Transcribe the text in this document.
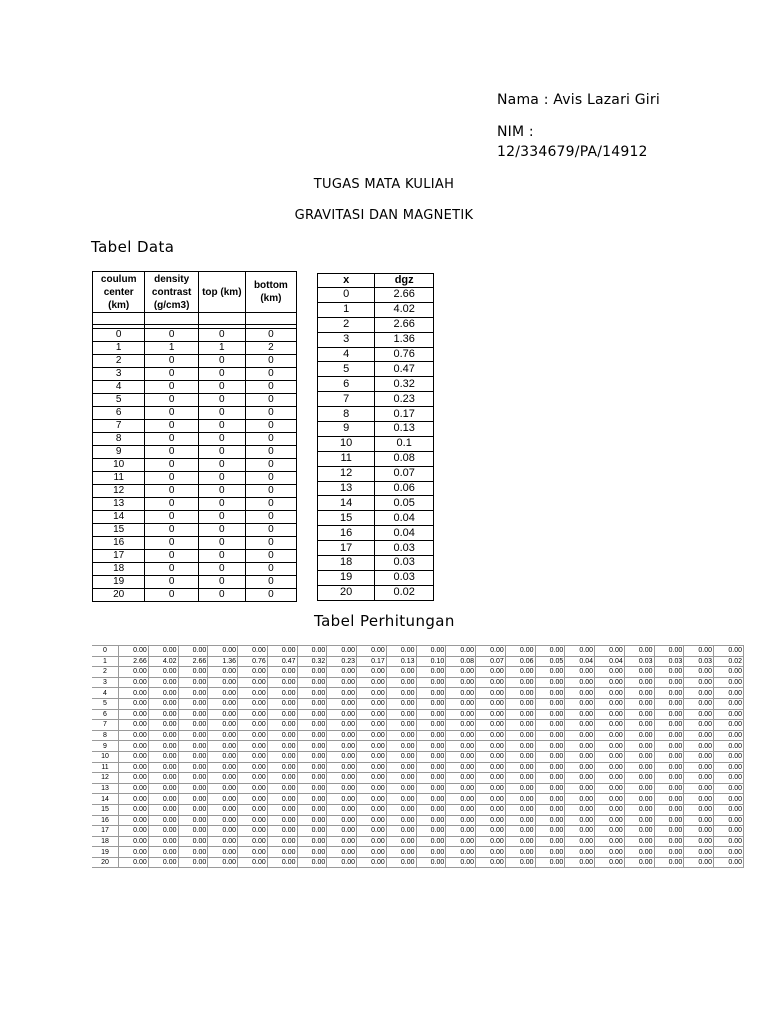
Nama : Avis Lazari Giri
NIM :
12/334679/PA/14912
TUGAS MATA KULIAH
GRAVITASI DAN MAGNETIK
Tabel Data
coulum center (km)	density contrast (g/cm3)	top (km)	bottom (km)

0	0	0	0
1	1	1	2
2	0	0	0
3	0	0	0
4	0	0	0
5	0	0	0
6	0	0	0
7	0	0	0
8	0	0	0
9	0	0	0
10	0	0	0
11	0	0	0
12	0	0	0
13	0	0	0
14	0	0	0
15	0	0	0
16	0	0	0
17	0	0	0
18	0	0	0
19	0	0	0
20	0	0	0
x	dgz
0	2.66
1	4.02
2	2.66
3	1.36
4	0.76
5	0.47
6	0.32
7	0.23
8	0.17
9	0.13
10	0.1
11	0.08
12	0.07
13	0.06
14	0.05
15	0.04
16	0.04
17	0.03
18	0.03
19	0.03
20	0.02
Tabel Perhitungan
0	0.00	0.00	0.00	0.00	0.00	0.00	0.00	0.00	0.00	0.00	0.00	0.00	0.00	0.00	0.00	0.00	0.00	0.00	0.00	0.00	0.00
1	2.66	4.02	2.66	1.36	0.76	0.47	0.32	0.23	0.17	0.13	0.10	0.08	0.07	0.06	0.05	0.04	0.04	0.03	0.03	0.03	0.02
2	0.00	0.00	0.00	0.00	0.00	0.00	0.00	0.00	0.00	0.00	0.00	0.00	0.00	0.00	0.00	0.00	0.00	0.00	0.00	0.00	0.00
3	0.00	0.00	0.00	0.00	0.00	0.00	0.00	0.00	0.00	0.00	0.00	0.00	0.00	0.00	0.00	0.00	0.00	0.00	0.00	0.00	0.00
4	0.00	0.00	0.00	0.00	0.00	0.00	0.00	0.00	0.00	0.00	0.00	0.00	0.00	0.00	0.00	0.00	0.00	0.00	0.00	0.00	0.00
5	0.00	0.00	0.00	0.00	0.00	0.00	0.00	0.00	0.00	0.00	0.00	0.00	0.00	0.00	0.00	0.00	0.00	0.00	0.00	0.00	0.00
6	0.00	0.00	0.00	0.00	0.00	0.00	0.00	0.00	0.00	0.00	0.00	0.00	0.00	0.00	0.00	0.00	0.00	0.00	0.00	0.00	0.00
7	0.00	0.00	0.00	0.00	0.00	0.00	0.00	0.00	0.00	0.00	0.00	0.00	0.00	0.00	0.00	0.00	0.00	0.00	0.00	0.00	0.00
8	0.00	0.00	0.00	0.00	0.00	0.00	0.00	0.00	0.00	0.00	0.00	0.00	0.00	0.00	0.00	0.00	0.00	0.00	0.00	0.00	0.00
9	0.00	0.00	0.00	0.00	0.00	0.00	0.00	0.00	0.00	0.00	0.00	0.00	0.00	0.00	0.00	0.00	0.00	0.00	0.00	0.00	0.00
10	0.00	0.00	0.00	0.00	0.00	0.00	0.00	0.00	0.00	0.00	0.00	0.00	0.00	0.00	0.00	0.00	0.00	0.00	0.00	0.00	0.00
11	0.00	0.00	0.00	0.00	0.00	0.00	0.00	0.00	0.00	0.00	0.00	0.00	0.00	0.00	0.00	0.00	0.00	0.00	0.00	0.00	0.00
12	0.00	0.00	0.00	0.00	0.00	0.00	0.00	0.00	0.00	0.00	0.00	0.00	0.00	0.00	0.00	0.00	0.00	0.00	0.00	0.00	0.00
13	0.00	0.00	0.00	0.00	0.00	0.00	0.00	0.00	0.00	0.00	0.00	0.00	0.00	0.00	0.00	0.00	0.00	0.00	0.00	0.00	0.00
14	0.00	0.00	0.00	0.00	0.00	0.00	0.00	0.00	0.00	0.00	0.00	0.00	0.00	0.00	0.00	0.00	0.00	0.00	0.00	0.00	0.00
15	0.00	0.00	0.00	0.00	0.00	0.00	0.00	0.00	0.00	0.00	0.00	0.00	0.00	0.00	0.00	0.00	0.00	0.00	0.00	0.00	0.00
16	0.00	0.00	0.00	0.00	0.00	0.00	0.00	0.00	0.00	0.00	0.00	0.00	0.00	0.00	0.00	0.00	0.00	0.00	0.00	0.00	0.00
17	0.00	0.00	0.00	0.00	0.00	0.00	0.00	0.00	0.00	0.00	0.00	0.00	0.00	0.00	0.00	0.00	0.00	0.00	0.00	0.00	0.00
18	0.00	0.00	0.00	0.00	0.00	0.00	0.00	0.00	0.00	0.00	0.00	0.00	0.00	0.00	0.00	0.00	0.00	0.00	0.00	0.00	0.00
19	0.00	0.00	0.00	0.00	0.00	0.00	0.00	0.00	0.00	0.00	0.00	0.00	0.00	0.00	0.00	0.00	0.00	0.00	0.00	0.00	0.00
20	0.00	0.00	0.00	0.00	0.00	0.00	0.00	0.00	0.00	0.00	0.00	0.00	0.00	0.00	0.00	0.00	0.00	0.00	0.00	0.00	0.00
